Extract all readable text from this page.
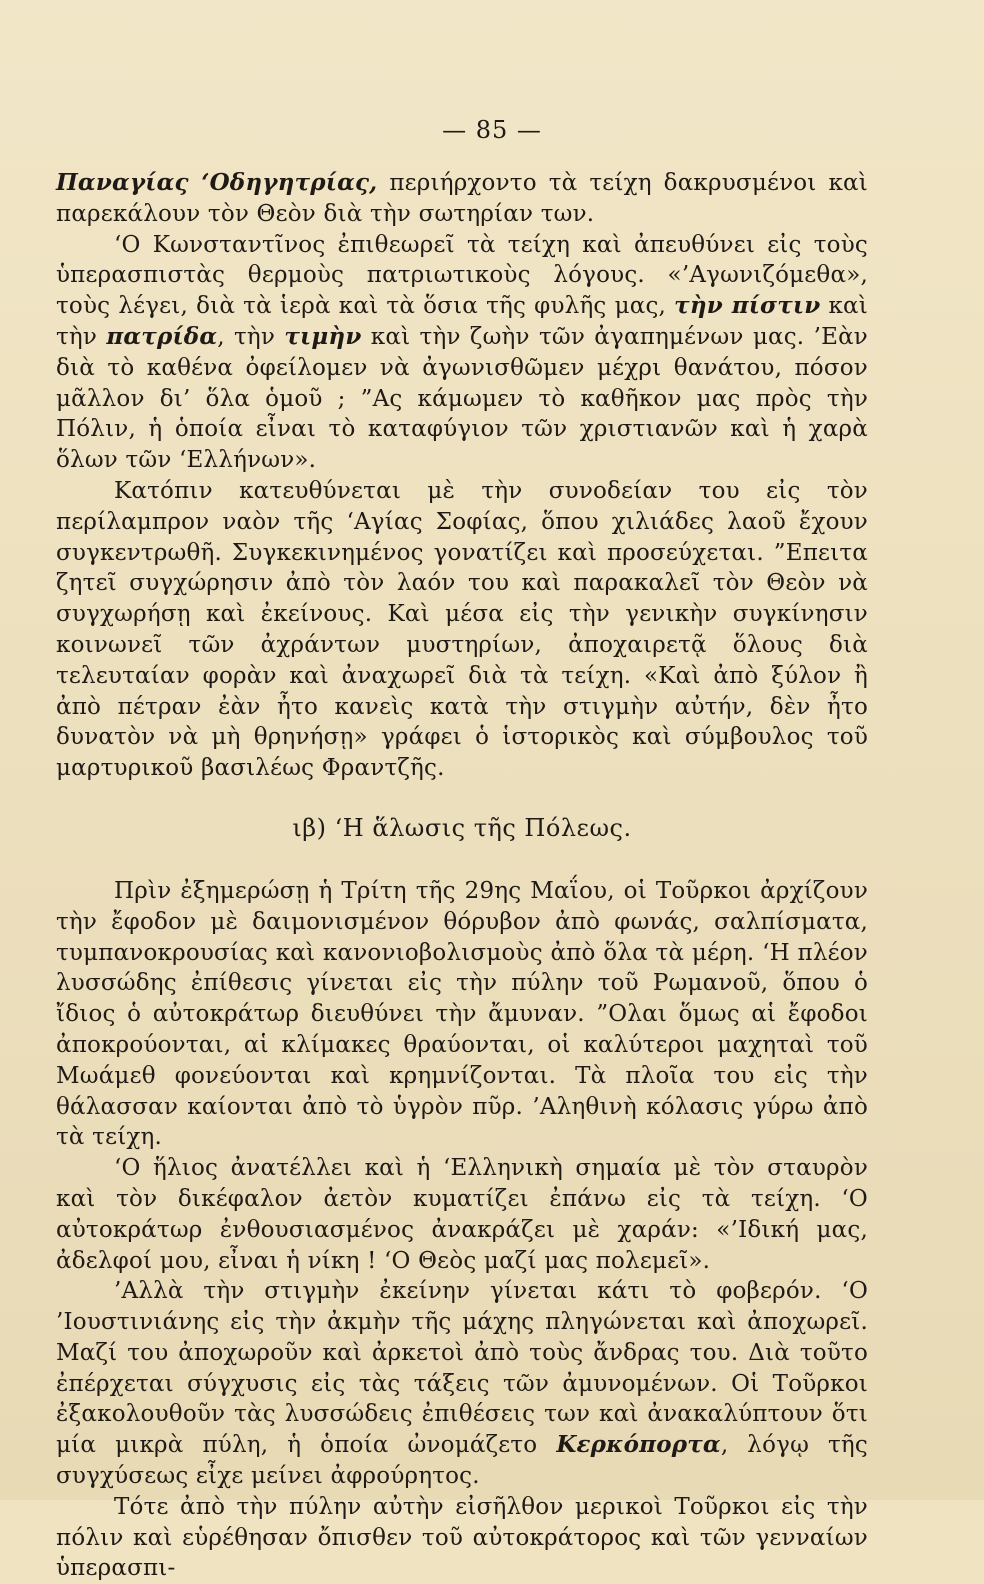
— 85 —

Παναγίας ‘Οδηγητρίας, περιήρχοντο τὰ τείχη δακρυσμένοι καὶ παρεκάλουν τὸν Θεὸν διὰ τὴν σωτηρίαν των.

‘Ο Κωνσταντῖνος ἐπιθεωρεῖ τὰ τείχη καὶ ἀπευθύνει εἰς τοὺς ὑπερασπιστὰς θερμοὺς πατριωτικοὺς λόγους. «’Αγωνιζόμεθα», τοὺς λέγει, διὰ τὰ ἱερὰ καὶ τὰ ὅσια τῆς φυλῆς μας, τὴν πίστιν καὶ τὴν πατρίδα, τὴν τιμὴν καὶ τὴν ζωὴν τῶν ἀγαπημένων μας. ’Εὰν διὰ τὸ καθένα ὀφείλομεν νὰ ἀγωνισθῶμεν μέχρι θανάτου, πόσον μᾶλλον δι’ ὅλα ὁμοῦ ; ”Ας κάμωμεν τὸ καθῆκον μας πρὸς τὴν Πόλιν, ἡ ὁποία εἶναι τὸ καταφύγιον τῶν χριστιανῶν καὶ ἡ χαρὰ ὅλων τῶν ‘Ελλήνων».

Κατόπιν κατευθύνεται μὲ τὴν συνοδείαν του εἰς τὸν περίλαμπρον ναὸν τῆς ‘Αγίας Σοφίας, ὅπου χιλιάδες λαοῦ ἔχουν συγκεντρωθῆ. Συγκεκινημένος γονατίζει καὶ προσεύχεται. ”Επειτα ζητεῖ συγχώρησιν ἀπὸ τὸν λαόν του καὶ παρακαλεῖ τὸν Θεὸν νὰ συγχωρήσῃ καὶ ἐκείνους. Καὶ μέσα εἰς τὴν γενικὴν συγκίνησιν κοινωνεῖ τῶν ἀχράντων μυστηρίων, ἀποχαιρετᾷ ὅλους διὰ τελευταίαν φορὰν καὶ ἀναχωρεῖ διὰ τὰ τείχη. «Καὶ ἀπὸ ξύλον ἢ ἀπὸ πέτραν ἐὰν ἦτο κανεὶς κατὰ τὴν στιγμὴν αὐτήν, δὲν ἦτο δυνατὸν νὰ μὴ θρηνήσῃ» γράφει ὁ ἱστορικὸς καὶ σύμβουλος τοῦ μαρτυρικοῦ βασιλέως Φραντζῆς.

ιβ) ‘Η ἅλωσις τῆς Πόλεως.

Πρὶν ἐξημερώσῃ ἡ Τρίτη τῆς 29ης Μαΐου, οἱ Τοῦρκοι ἀρχίζουν τὴν ἔφοδον μὲ δαιμονισμένον θόρυβον ἀπὸ φωνάς, σαλπίσματα, τυμπανοκρουσίας καὶ κανονιοβολισμοὺς ἀπὸ ὅλα τὰ μέρη. ‘Η πλέον λυσσώδης ἐπίθεσις γίνεται εἰς τὴν πύλην τοῦ Ρωμανοῦ, ὅπου ὁ ἴδιος ὁ αὐτοκράτωρ διευθύνει τὴν ἄμυναν. ”Ολαι ὅμως αἱ ἔφοδοι ἀποκρούονται, αἱ κλίμακες θραύονται, οἱ καλύτεροι μαχηταὶ τοῦ Μωάμεθ φονεύονται καὶ κρημνίζονται. Τὰ πλοῖα του εἰς τὴν θάλασσαν καίονται ἀπὸ τὸ ὑγρὸν πῦρ. ’Αληθινὴ κόλασις γύρω ἀπὸ τὰ τείχη.

‘Ο ἥλιος ἀνατέλλει καὶ ἡ ‘Ελληνικὴ σημαία μὲ τὸν σταυρὸν καὶ τὸν δικέφαλον ἀετὸν κυματίζει ἐπάνω εἰς τὰ τείχη. ‘Ο αὐτοκράτωρ ἐνθουσιασμένος ἀνακράζει μὲ χαράν: «’Ιδική μας, ἀδελφοί μου, εἶναι ἡ νίκη ! ‘Ο Θεὸς μαζί μας πολεμεῖ».

’Αλλὰ τὴν στιγμὴν ἐκείνην γίνεται κάτι τὸ φοβερόν. ‘Ο ’Ιουστινιάνης εἰς τὴν ἀκμὴν τῆς μάχης πληγώνεται καὶ ἀποχωρεῖ. Μαζί του ἀποχωροῦν καὶ ἀρκετοὶ ἀπὸ τοὺς ἄνδρας του. Διὰ τοῦτο ἐπέρχεται σύγχυσις εἰς τὰς τάξεις τῶν ἀμυνομένων. Οἱ Τοῦρκοι ἐξακολουθοῦν τὰς λυσσώδεις ἐπιθέσεις των καὶ ἀνακαλύπτουν ὅτι μία μικρὰ πύλη, ἡ ὁποία ὠνομάζετο Κερκόπορτα, λόγῳ τῆς συγχύσεως εἶχε μείνει ἀφρούρητος.

Τότε ἀπὸ τὴν πύλην αὐτὴν εἰσῆλθον μερικοὶ Τοῦρκοι εἰς τὴν πόλιν καὶ εὑρέθησαν ὄπισθεν τοῦ αὐτοκράτορος καὶ τῶν γενναίων ὑπερασπι-
